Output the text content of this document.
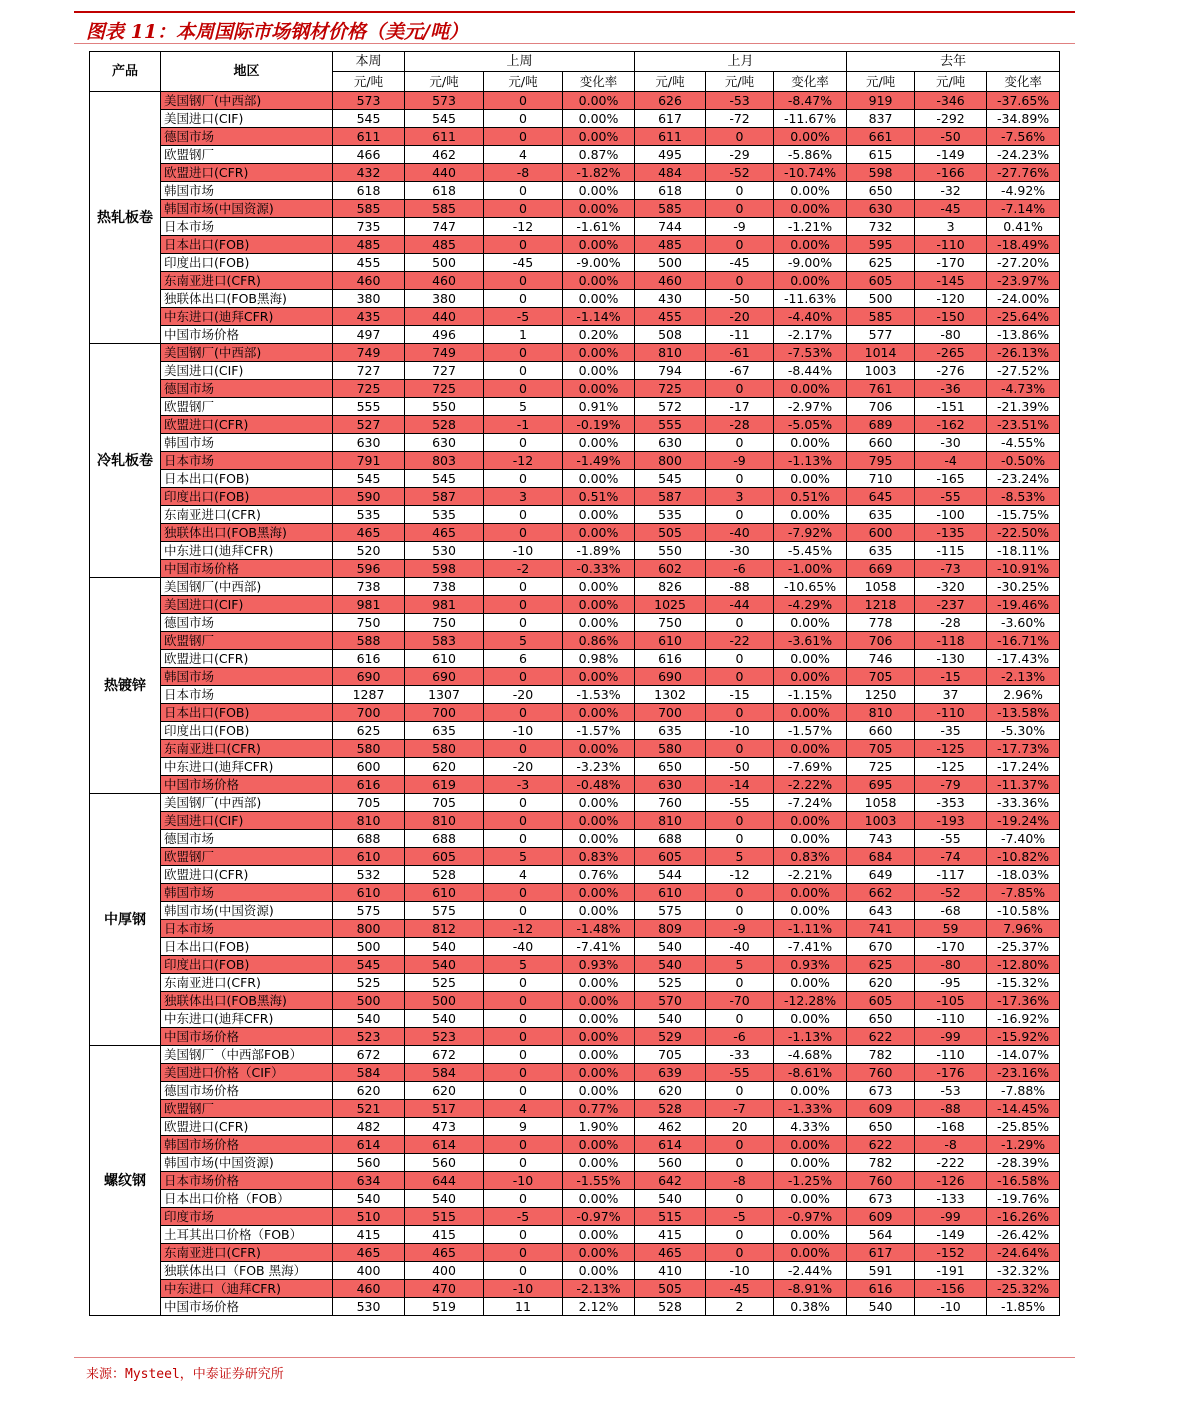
图表 11：本周国际市场钢材价格（美元/吨）
产品	地区	本周	上周			上月			去年		
		元/吨	元/吨	元/吨	变化率	元/吨	元/吨	变化率	元/吨	元/吨	变化率
热轧板卷	美国钢厂(中西部)	573	573	0	0.00%	626	-53	-8.47%	919	-346	-37.65%
	美国进口(CIF)	545	545	0	0.00%	617	-72	-11.67%	837	-292	-34.89%
	德国市场	611	611	0	0.00%	611	0	0.00%	661	-50	-7.56%
	欧盟钢厂	466	462	4	0.87%	495	-29	-5.86%	615	-149	-24.23%
	欧盟进口(CFR)	432	440	-8	-1.82%	484	-52	-10.74%	598	-166	-27.76%
	韩国市场	618	618	0	0.00%	618	0	0.00%	650	-32	-4.92%
	韩国市场(中国资源)	585	585	0	0.00%	585	0	0.00%	630	-45	-7.14%
	日本市场	735	747	-12	-1.61%	744	-9	-1.21%	732	3	0.41%
	日本出口(FOB)	485	485	0	0.00%	485	0	0.00%	595	-110	-18.49%
	印度出口(FOB)	455	500	-45	-9.00%	500	-45	-9.00%	625	-170	-27.20%
	东南亚进口(CFR)	460	460	0	0.00%	460	0	0.00%	605	-145	-23.97%
	独联体出口(FOB黑海)	380	380	0	0.00%	430	-50	-11.63%	500	-120	-24.00%
	中东进口(迪拜CFR)	435	440	-5	-1.14%	455	-20	-4.40%	585	-150	-25.64%
	中国市场价格	497	496	1	0.20%	508	-11	-2.17%	577	-80	-13.86%
冷轧板卷	美国钢厂(中西部)	749	749	0	0.00%	810	-61	-7.53%	1014	-265	-26.13%
	美国进口(CIF)	727	727	0	0.00%	794	-67	-8.44%	1003	-276	-27.52%
	德国市场	725	725	0	0.00%	725	0	0.00%	761	-36	-4.73%
	欧盟钢厂	555	550	5	0.91%	572	-17	-2.97%	706	-151	-21.39%
	欧盟进口(CFR)	527	528	-1	-0.19%	555	-28	-5.05%	689	-162	-23.51%
	韩国市场	630	630	0	0.00%	630	0	0.00%	660	-30	-4.55%
	日本市场	791	803	-12	-1.49%	800	-9	-1.13%	795	-4	-0.50%
	日本出口(FOB)	545	545	0	0.00%	545	0	0.00%	710	-165	-23.24%
	印度出口(FOB)	590	587	3	0.51%	587	3	0.51%	645	-55	-8.53%
	东南亚进口(CFR)	535	535	0	0.00%	535	0	0.00%	635	-100	-15.75%
	独联体出口(FOB黑海)	465	465	0	0.00%	505	-40	-7.92%	600	-135	-22.50%
	中东进口(迪拜CFR)	520	530	-10	-1.89%	550	-30	-5.45%	635	-115	-18.11%
	中国市场价格	596	598	-2	-0.33%	602	-6	-1.00%	669	-73	-10.91%
热镀锌	美国钢厂(中西部)	738	738	0	0.00%	826	-88	-10.65%	1058	-320	-30.25%
	美国进口(CIF)	981	981	0	0.00%	1025	-44	-4.29%	1218	-237	-19.46%
	德国市场	750	750	0	0.00%	750	0	0.00%	778	-28	-3.60%
	欧盟钢厂	588	583	5	0.86%	610	-22	-3.61%	706	-118	-16.71%
	欧盟进口(CFR)	616	610	6	0.98%	616	0	0.00%	746	-130	-17.43%
	韩国市场	690	690	0	0.00%	690	0	0.00%	705	-15	-2.13%
	日本市场	1287	1307	-20	-1.53%	1302	-15	-1.15%	1250	37	2.96%
	日本出口(FOB)	700	700	0	0.00%	700	0	0.00%	810	-110	-13.58%
	印度出口(FOB)	625	635	-10	-1.57%	635	-10	-1.57%	660	-35	-5.30%
	东南亚进口(CFR)	580	580	0	0.00%	580	0	0.00%	705	-125	-17.73%
	中东进口(迪拜CFR)	600	620	-20	-3.23%	650	-50	-7.69%	725	-125	-17.24%
	中国市场价格	616	619	-3	-0.48%	630	-14	-2.22%	695	-79	-11.37%
中厚钢	美国钢厂(中西部)	705	705	0	0.00%	760	-55	-7.24%	1058	-353	-33.36%
	美国进口(CIF)	810	810	0	0.00%	810	0	0.00%	1003	-193	-19.24%
	德国市场	688	688	0	0.00%	688	0	0.00%	743	-55	-7.40%
	欧盟钢厂	610	605	5	0.83%	605	5	0.83%	684	-74	-10.82%
	欧盟进口(CFR)	532	528	4	0.76%	544	-12	-2.21%	649	-117	-18.03%
	韩国市场	610	610	0	0.00%	610	0	0.00%	662	-52	-7.85%
	韩国市场(中国资源)	575	575	0	0.00%	575	0	0.00%	643	-68	-10.58%
	日本市场	800	812	-12	-1.48%	809	-9	-1.11%	741	59	7.96%
	日本出口(FOB)	500	540	-40	-7.41%	540	-40	-7.41%	670	-170	-25.37%
	印度出口(FOB)	545	540	5	0.93%	540	5	0.93%	625	-80	-12.80%
	东南亚进口(CFR)	525	525	0	0.00%	525	0	0.00%	620	-95	-15.32%
	独联体出口(FOB黑海)	500	500	0	0.00%	570	-70	-12.28%	605	-105	-17.36%
	中东进口(迪拜CFR)	540	540	0	0.00%	540	0	0.00%	650	-110	-16.92%
	中国市场价格	523	523	0	0.00%	529	-6	-1.13%	622	-99	-15.92%
螺纹钢	美国钢厂（中西部FOB）	672	672	0	0.00%	705	-33	-4.68%	782	-110	-14.07%
	美国进口价格（CIF）	584	584	0	0.00%	639	-55	-8.61%	760	-176	-23.16%
	德国市场价格	620	620	0	0.00%	620	0	0.00%	673	-53	-7.88%
	欧盟钢厂	521	517	4	0.77%	528	-7	-1.33%	609	-88	-14.45%
	欧盟进口(CFR)	482	473	9	1.90%	462	20	4.33%	650	-168	-25.85%
	韩国市场价格	614	614	0	0.00%	614	0	0.00%	622	-8	-1.29%
	韩国市场(中国资源)	560	560	0	0.00%	560	0	0.00%	782	-222	-28.39%
	日本市场价格	634	644	-10	-1.55%	642	-8	-1.25%	760	-126	-16.58%
	日本出口价格（FOB）	540	540	0	0.00%	540	0	0.00%	673	-133	-19.76%
	印度市场	510	515	-5	-0.97%	515	-5	-0.97%	609	-99	-16.26%
	土耳其出口价格（FOB）	415	415	0	0.00%	415	0	0.00%	564	-149	-26.42%
	东南亚进口(CFR)	465	465	0	0.00%	465	0	0.00%	617	-152	-24.64%
	独联体出口（FOB 黑海）	400	400	0	0.00%	410	-10	-2.44%	591	-191	-32.32%
	中东进口（迪拜CFR)	460	470	-10	-2.13%	505	-45	-8.91%	616	-156	-25.32%
	中国市场价格	530	519	11	2.12%	528	2	0.38%	540	-10	-1.85%
来源：Mysteel，中泰证券研究所
